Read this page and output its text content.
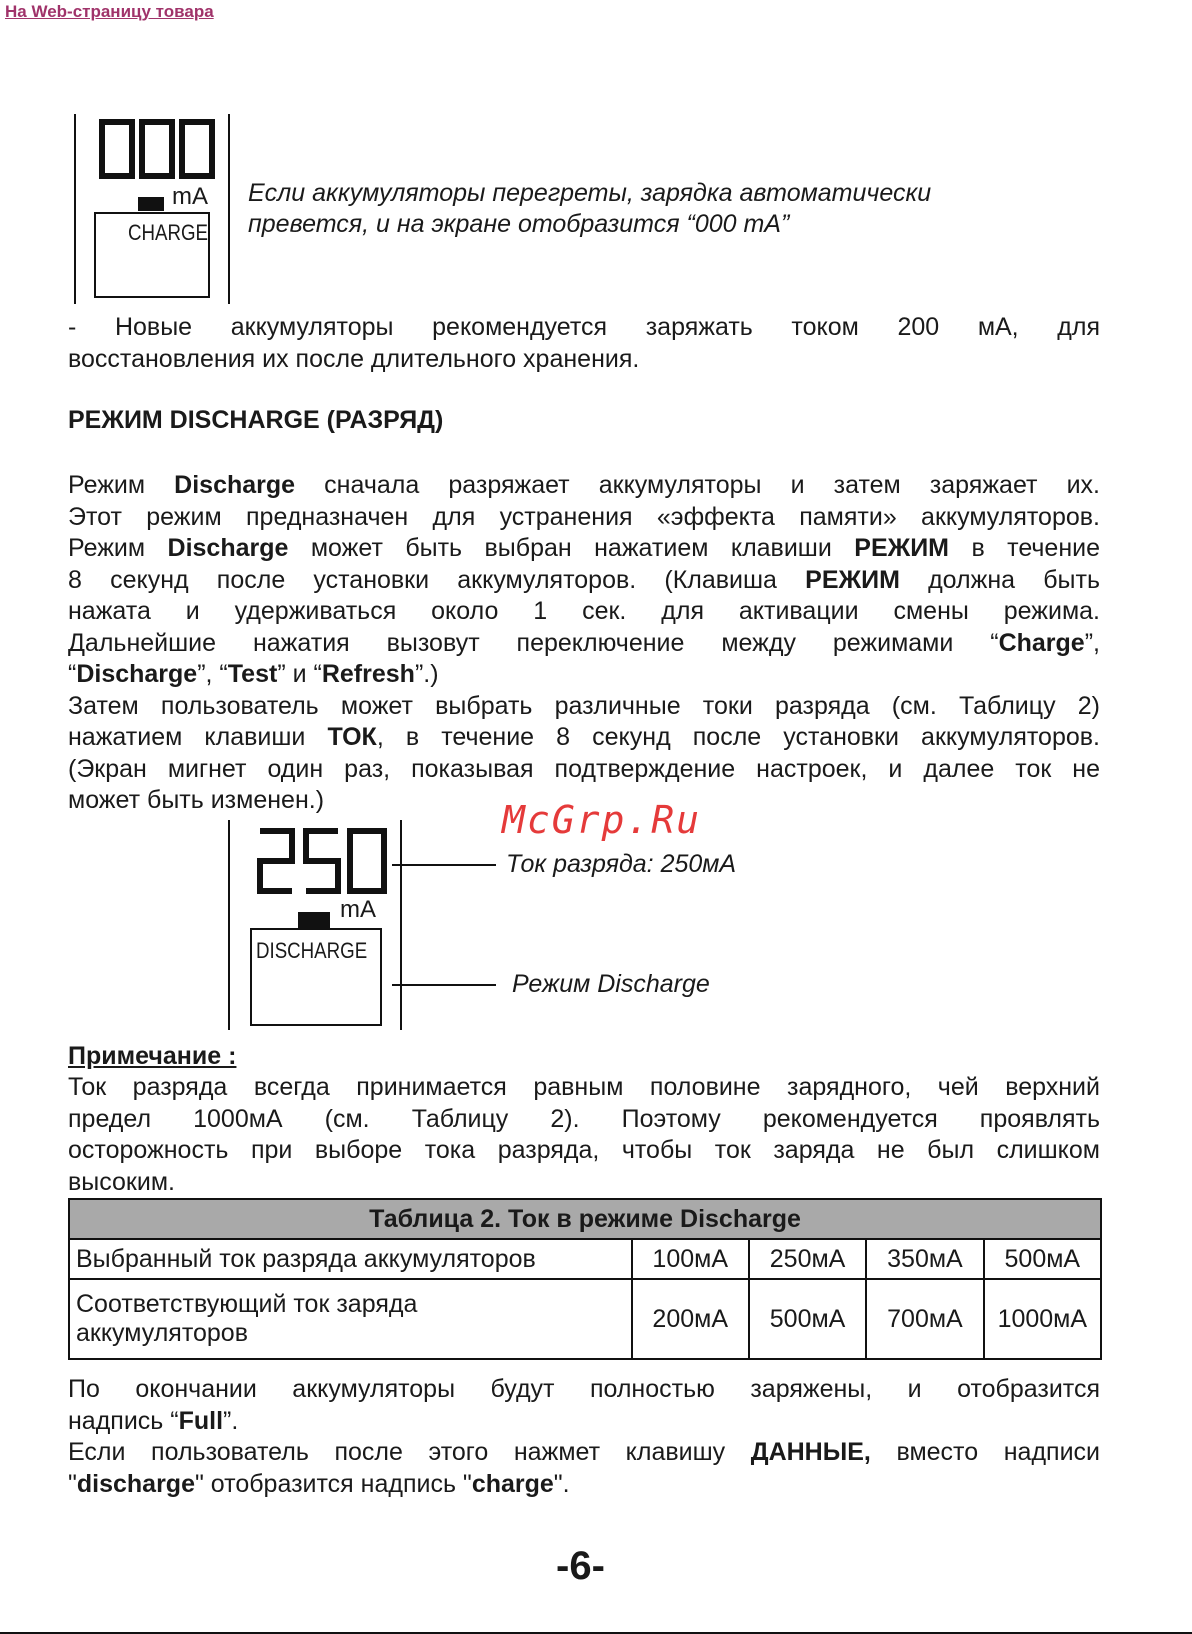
На Web-страницу товара
mA
CHARGE
Если аккумуляторы перегреты, зарядка автоматически
превется, и на экране отобразится “000 mA”
- Новые аккумуляторы рекомендуется заряжать током 200 мА, для
восстановления их после длительного хранения.
РЕЖИМ DISCHARGE (РАЗРЯД)
Режим Discharge сначала разряжает аккумуляторы и затем заряжает их.
Этот режим предназначен для устранения «эффекта памяти» аккумуляторов.
Режим Discharge может быть выбран нажатием клавиши РЕЖИМ в течение
8 секунд после установки аккумуляторов. (Клавиша РЕЖИМ должна быть
нажата и удерживаться около 1 сек. для активации смены режима.
Дальнейшие нажатия вызовут переключение между режимами “Charge”,
“Discharge”, “Test” и “Refresh”.)
Затем пользователь может выбрать различные токи разряда (см. Таблицу 2)
нажатием клавиши ТОК, в течение 8 секунд после установки аккумуляторов.
(Экран мигнет один раз, показывая подтверждение настроек, и далее ток не
может быть изменен.)
mA
DISCHARGE
Ток разряда: 250мА
Режим Discharge
McGrp.Ru
Примечание :
Ток разряда всегда принимается равным половине зарядного, чей верхний
предел 1000мА (см. Таблицу 2). Поэтому рекомендуется проявлять
осторожность при выборе тока разряда, чтобы ток заряда не был слишком
высоким.
Таблица 2. Ток в режиме Discharge				
Выбранный ток разряда аккумуляторов	100мА	250мА	350мА	500мА

Соответствующий ток заряда
аккумуляторов	200мА	500мА	700мА	1000мА
По окончании аккумуляторы будут полностью заряжены, и отобразится
надпись “Full”.
Если пользователь после этого нажмет клавишу ДАННЫЕ, вместо надписи
"discharge" отобразится надпись "charge".
-6-
